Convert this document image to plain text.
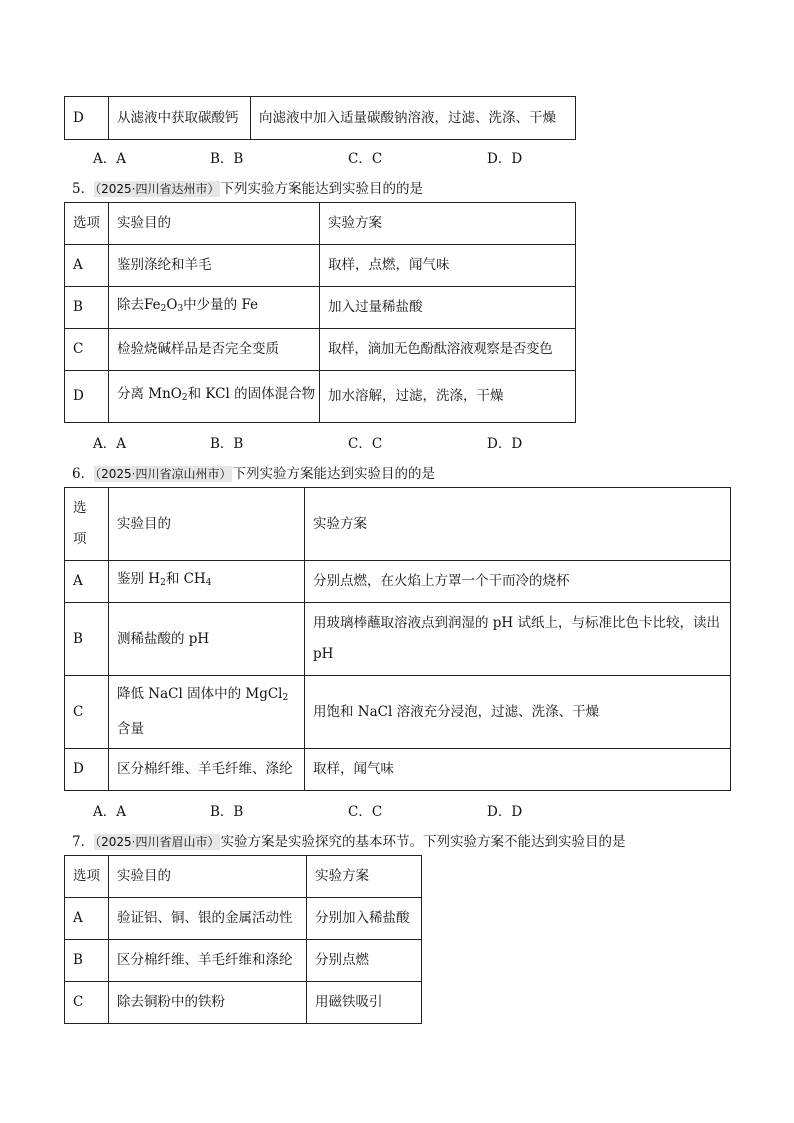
D	从滤液中获取碳酸钙	向滤液中加入适量碳酸钠溶液，过滤、洗涤、干燥
A．A	B．B	C．C	D．D
5．（2025·四川省达州市）下列实验方案能达到实验目的的是
选项	实验目的	实验方案
A	鉴别涤纶和羊毛	取样，点燃，闻气味
B	除去$Fe_2O_3$中少量的 Fe	加入过量稀盐酸
C	检验烧碱样品是否完全变质	取样，滴加无色酚酞溶液观察是否变色
D	分离 MnO$_2$和 KCl 的固体混合物	加水溶解，过滤，洗涤，干燥
A．A	B．B	C．C	D．D
6．（2025·四川省凉山州市）下列实验方案能达到实验目的的是
选项	实验目的	实验方案
A	鉴别 $H_2$和 $CH_4$	分别点燃，在火焰上方罩一个干而冷的烧杯
B	测稀盐酸的 pH	用玻璃棒蘸取溶液点到润湿的 pH 试纸上，与标准比色卡比较，读出 pH
C	降低 NaCl 固体中的 MgCl$_2$含量	用饱和 NaCl 溶液充分浸泡，过滤、洗涤、干燥
D	区分棉纤维、羊毛纤维、涤纶	取样，闻气味
A．A	B．B	C．C	D．D
7．（2025·四川省眉山市）实验方案是实验探究的基本环节。下列实验方案不能达到实验目的是
选项	实验目的	实验方案
A	验证铝、铜、银的金属活动性	分别加入稀盐酸
B	区分棉纤维、羊毛纤维和涤纶	分别点燃
C	除去铜粉中的铁粉	用磁铁吸引
